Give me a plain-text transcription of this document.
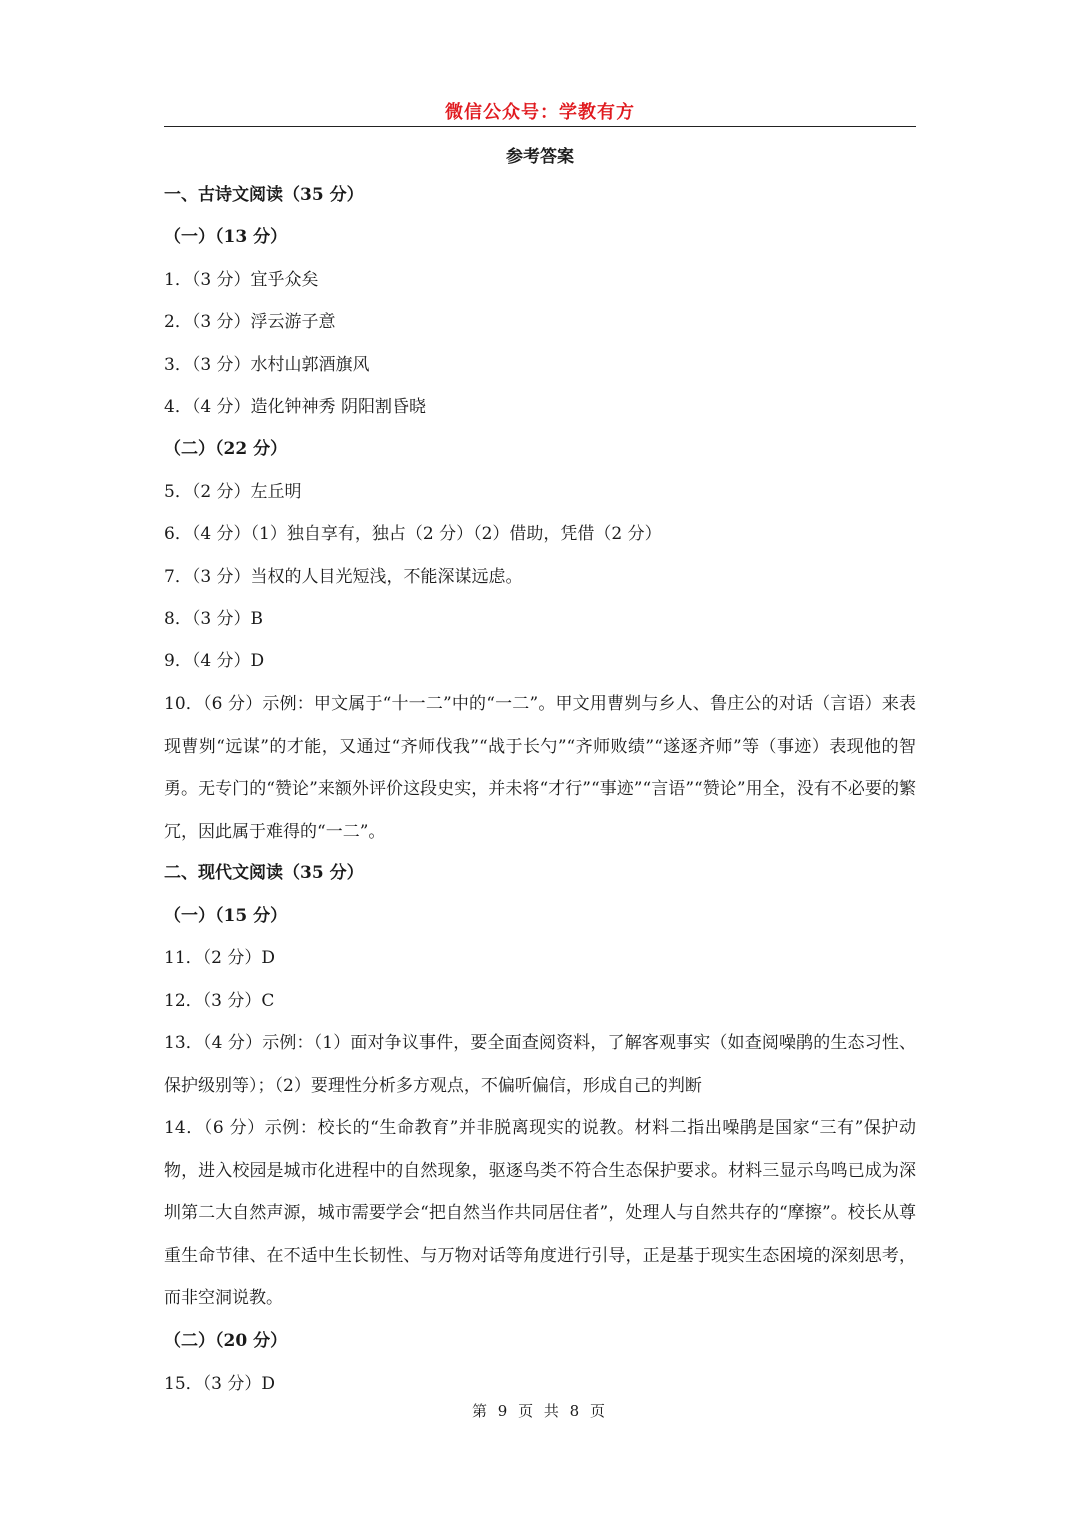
微信公众号：学教有方
参考答案
一、古诗文阅读（35 分）
（一）（13 分）
1．（3 分）宜乎众矣
2．（3 分）浮云游子意
3．（3 分）水村山郭酒旗风
4．（4 分）造化钟神秀 阴阳割昏晓
（二）（22 分）
5．（2 分）左丘明
6．（4 分）（1）独自享有，独占（2 分）（2）借助，凭借（2 分）
7．（3 分）当权的人目光短浅，不能深谋远虑。
8．（3 分）B
9．（4 分）D
10．（6 分）示例：甲文属于“十一二”中的“一二”。甲文用曹刿与乡人、鲁庄公的对话（言语）来表现曹刿“远谋”的才能，又通过“齐师伐我”“战于长勺”“齐师败绩”“遂逐齐师”等（事迹）表现他的智勇。无专门的“赞论”来额外评价这段史实，并未将“才行”“事迹”“言语”“赞论”用全，没有不必要的繁冗，因此属于难得的“一二”。
二、现代文阅读（35 分）
（一）（15 分）
11．（2 分）D
12．（3 分）C
13．（4 分）示例：（1）面对争议事件，要全面查阅资料，了解客观事实（如查阅噪鹃的生态习性、保护级别等）；（2）要理性分析多方观点，不偏听偏信，形成自己的判断
14．（6 分）示例：校长的“生命教育”并非脱离现实的说教。材料二指出噪鹃是国家“三有”保护动物，进入校园是城市化进程中的自然现象，驱逐鸟类不符合生态保护要求。材料三显示鸟鸣已成为深圳第二大自然声源，城市需要学会“把自然当作共同居住者”，处理人与自然共存的“摩擦”。校长从尊重生命节律、在不适中生长韧性、与万物对话等角度进行引导，正是基于现实生态困境的深刻思考，而非空洞说教。
（二）（20 分）
15．（3 分）D
第 9 页 共 8 页
